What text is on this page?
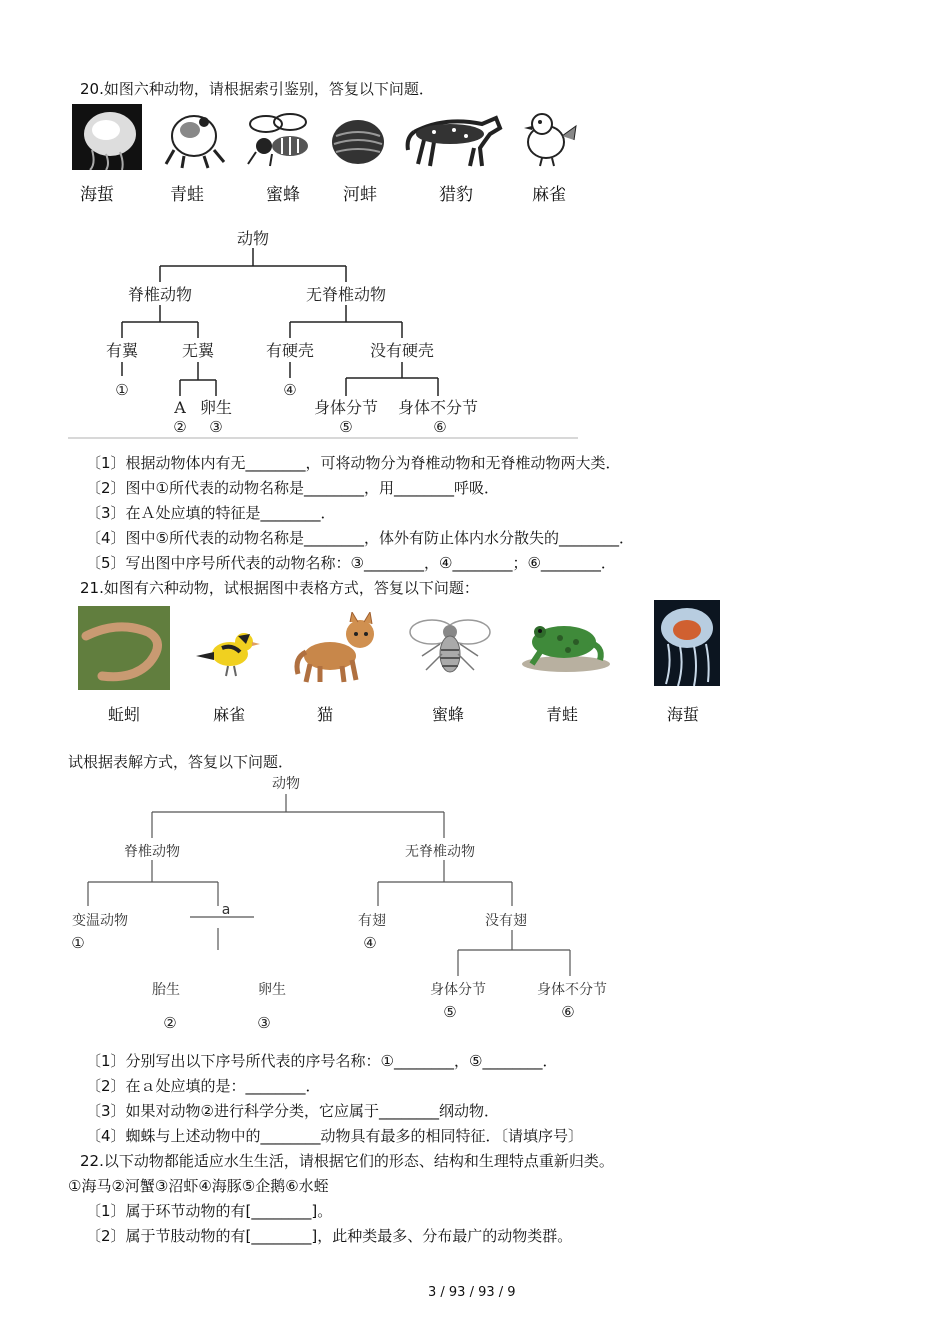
20.如图六种动物，请根据索引鉴别，答复以下问题．
海蜇	青蛙	蜜蜂	河蚌	猎豹	麻雀
动物
脊椎动物	无脊椎动物
有翼	无翼	有硬壳	没有硬壳
①	④
A 卵生	身体分节 身体不分节
② ③	⑤	⑥
〔1〕根据动物体内有无________，可将动物分为脊椎动物和无脊椎动物两大类．
〔2〕图中①所代表的动物名称是________，用________呼吸．
〔3〕在Ａ处应填的特征是________．
〔4〕图中⑤所代表的动物名称是________，体外有防止体内水分散失的________．
〔5〕写出图中序号所代表的动物名称：③________，④________；⑥________．
21.如图有六种动物，试根据图中表格方式，答复以下问题：
蚯蚓	麻雀	猫	蜜蜂	青蛙	海蜇
试根据表解方式，答复以下问题．
动物
脊椎动物	无脊椎动物
变温动物
a
有翅	没有翅
①	④
胎生	卵生	身体分节	身体不分节
⑤	⑥
②	③
〔1〕分别写出以下序号所代表的序号名称：①________，⑤________．
〔2〕在ａ处应填的是：________．
〔3〕如果对动物②进行科学分类，它应属于________纲动物．
〔4〕蜘蛛与上述动物中的________动物具有最多的相同特征．〔请填序号〕
22.以下动物都能适应水生生活，请根据它们的形态、结构和生理特点重新归类。
①海马②河蟹③沼虾④海豚⑤企鹅⑥水蛭
〔1〕属于环节动物的有[________]。
〔2〕属于节肢动物的有[________]，此种类最多、分布最广的动物类群。
3 / 93 / 93 / 9
